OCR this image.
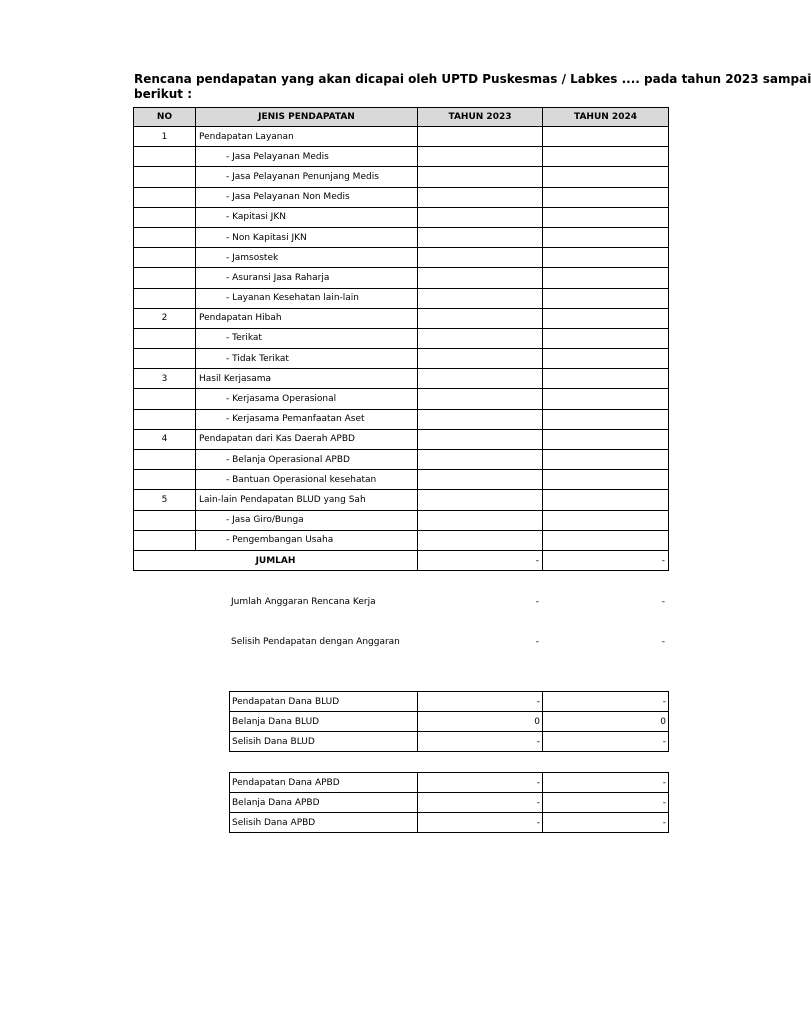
Rencana pendapatan yang akan dicapai oleh UPTD Puskesmas / Labkes .... pada tahun 2023 sampai
berikut :
NO	JENIS PENDAPATAN	TAHUN 2023	TAHUN 2024
1	Pendapatan Layanan		
	- Jasa Pelayanan Medis		
	- Jasa Pelayanan Penunjang Medis		
	- Jasa Pelayanan Non Medis		
	- Kapitasi JKN		
	- Non Kapitasi JKN		
	- Jamsostek		
	- Asuransi Jasa Raharja		
	- Layanan Kesehatan lain-lain		
2	Pendapatan Hibah		
	- Terikat		
	- Tidak Terikat		
3	Hasil Kerjasama		
	- Kerjasama Operasional		
	- Kerjasama Pemanfaatan Aset		
4	Pendapatan dari Kas Daerah APBD		
	- Belanja Operasional APBD		
	- Bantuan Operasional kesehatan		
5	Lain-lain Pendapatan BLUD yang Sah		
	- Jasa Giro/Bunga		
	- Pengembangan Usaha		
JUMLAH		-	-
Jumlah Anggaran Rencana Kerja	-	-
Selisih Pendapatan dengan Anggaran	-	-
Pendapatan Dana BLUD	-	-
Belanja Dana BLUD	0	0
Selisih Dana BLUD	-	-
Pendapatan Dana APBD	-	-
Belanja Dana APBD	-	-
Selisih Dana APBD	-	-
